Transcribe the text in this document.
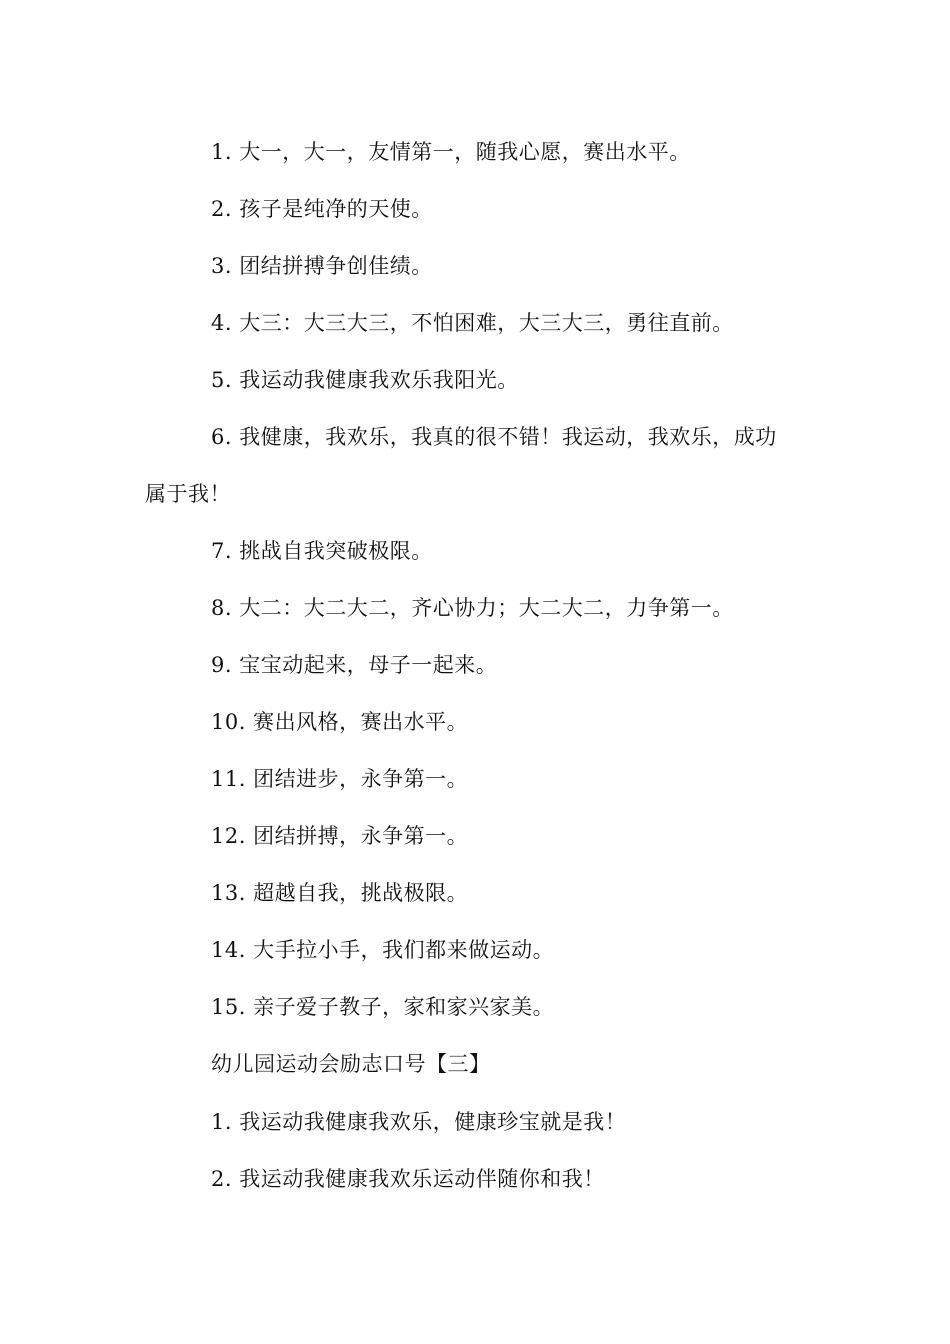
1. 大一，大一，友情第一，随我心愿，赛出水平。
2. 孩子是纯净的天使。
3. 团结拼搏争创佳绩。
4. 大三：大三大三，不怕困难，大三大三，勇往直前。
5. 我运动我健康我欢乐我阳光。
6. 我健康，我欢乐，我真的很不错！我运动，我欢乐，成功
属于我！
7. 挑战自我突破极限。
8. 大二：大二大二，齐心协力；大二大二，力争第一。
9. 宝宝动起来，母子一起来。
10. 赛出风格，赛出水平。
11. 团结进步，永争第一。
12. 团结拼搏，永争第一。
13. 超越自我，挑战极限。
14. 大手拉小手，我们都来做运动。
15. 亲子爱子教子，家和家兴家美。
幼儿园运动会励志口号【三】
1. 我运动我健康我欢乐，健康珍宝就是我！
2. 我运动我健康我欢乐运动伴随你和我！
